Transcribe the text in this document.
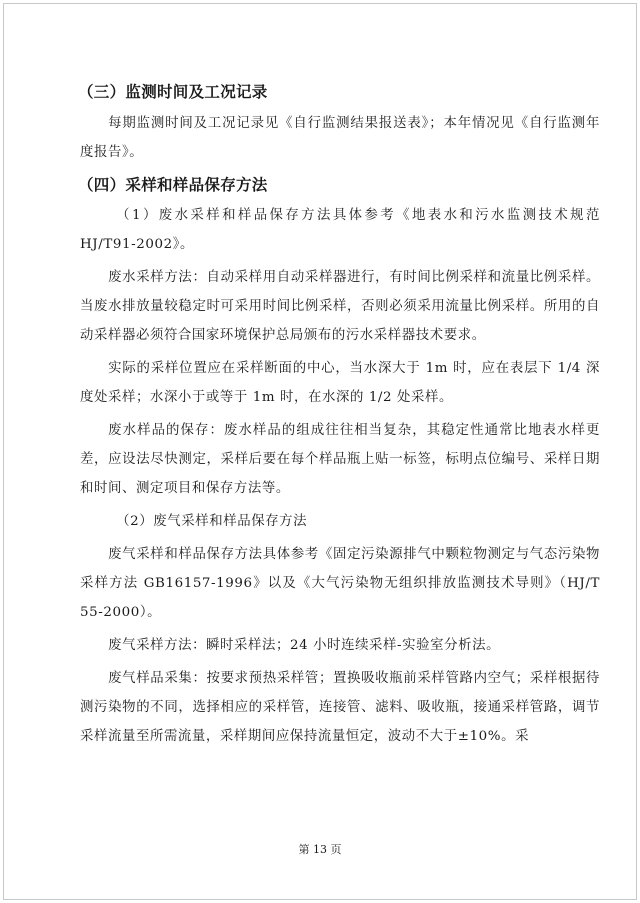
（三）监测时间及工况记录

每期监测时间及工况记录见《自行监测结果报送表》；本年情况见《自行监测年度报告》。

（四）采样和样品保存方法

（1）废水采样和样品保存方法具体参考《地表水和污水监测技术规范HJ/T91-2002》。

废水采样方法：自动采样用自动采样器进行，有时间比例采样和流量比例采样。当废水排放量较稳定时可采用时间比例采样，否则必须采用流量比例采样。所用的自动采样器必须符合国家环境保护总局颁布的污水采样器技术要求。

实际的采样位置应在采样断面的中心，当水深大于 1m 时，应在表层下 1/4 深度处采样；水深小于或等于 1m 时，在水深的 1/2 处采样。

废水样品的保存：废水样品的组成往往相当复杂，其稳定性通常比地表水样更差，应设法尽快测定，采样后要在每个样品瓶上贴一标签，标明点位编号、采样日期和时间、测定项目和保存方法等。

（2）废气采样和样品保存方法

废气采样和样品保存方法具体参考《固定污染源排气中颗粒物测定与气态污染物采样方法 GB16157-1996》以及《大气污染物无组织排放监测技术导则》（HJ/T 55-2000）。

废气采样方法：瞬时采样法；24 小时连续采样-实验室分析法。

废气样品采集：按要求预热采样管；置换吸收瓶前采样管路内空气；采样根据待测污染物的不同，选择相应的采样管，连接管、滤料、吸收瓶，接通采样管路，调节采样流量至所需流量，采样期间应保持流量恒定，波动不大于±10%。采

第 13 页
